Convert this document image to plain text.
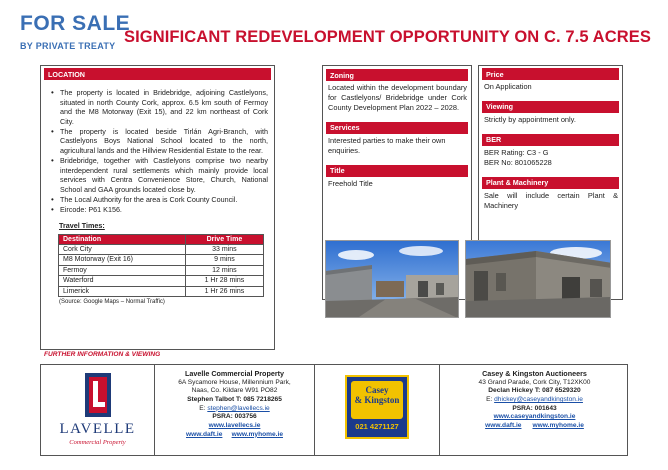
FOR SALE
BY PRIVATE TREATY SIGNIFICANT REDEVELOPMENT OPPORTUNITY ON C. 7.5 ACRES
LOCATION
• The property is located in Bridebridge, adjoining Castlelyons, situated in north County Cork, approx. 6.5 km south of Fermoy and the M8 Motorway (Exit 15), and 22 km northeast of Cork City.
• The property is located beside Tirlán Agri-Branch, with Castlelyons Boys National School located to the north, agricultural lands and the Hillview Residential Estate to the rear.
• Bridebridge, together with Castlelyons comprise two nearby interdependent rural settlements which mainly provide local services with Centra Convenience Store, Church, National School and GAA grounds located close by.
• The Local Authority for the area is Cork County Council.
• Eircode: P61 K156.
Travel Times:
Destination	Drive Time
Cork City	33 mins
M8 Motorway (Exit 16)	9 mins
Fermoy	12 mins
Waterford	1 Hr 28 mins
Limerick	1 Hr 26 mins
(Source: Google Maps – Normal Traffic)
Zoning
Located within the development boundary for Castlelyons/ Bridebridge under Cork County Development Plan 2022 – 2028.
Services
Interested parties to make their own enquiries.
Title
Freehold Title
Price
On Application
Viewing
Strictly by appointment only.
BER
BER Rating: C3 - G
BER No: 801065228
Plant & Machinery
Sale will include certain Plant & Machinery
FURTHER INFORMATION & VIEWING
LAVELLE
Commercial Property
Lavelle Commercial Property
6A Sycamore House, Millennium Park,
Naas, Co. Kildare W91 PO82
Stephen Talbot T: 085 7218265
E: stephen@lavellecs.ie
PSRA: 003756
www.lavellecs.ie
www.daft.ie www.myhome.ie
Casey
& Kingston
021 4271127
Casey & Kingston Auctioneers
43 Grand Parade, Cork City, T12XK00
Declan Hickey T: 087 6529320
E: dhickey@caseyandkingston.ie
PSRA: 001643
www.caseyandkingston.ie
www.daft.ie www.myhome.ie
